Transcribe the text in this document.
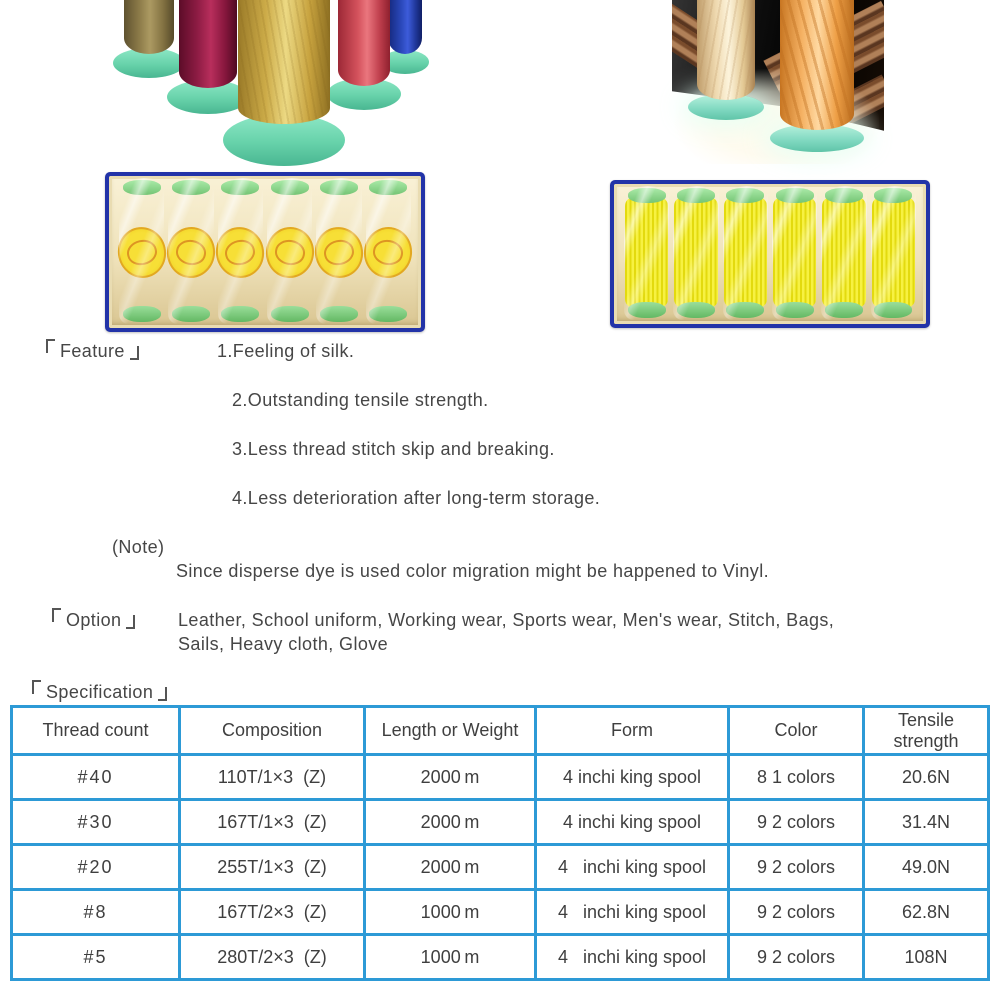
Feature	1.Feeling of silk.
2.Outstanding tensile strength.
3.Less thread stitch skip and breaking.
4.Less deterioration after long-term storage.
(Note)
Since disperse dye is used color migration might be happened to Vinyl.
Option	Leather, School uniform, Working wear, Sports wear, Men's wear, Stitch, Bags,
Sails, Heavy cloth, Glove
Specification
Thread count	Composition	Length or Weight	Form	Color	Tensile strength
#40	110T/1×3  (Z)	2000 m	4 inchi king spool	8 1 colors	20.6N
#30	167T/1×3  (Z)	2000 m	4 inchi king spool	9 2 colors	31.4N
#20	255T/1×3  (Z)	2000 m	4   inchi king spool	9 2 colors	49.0N
#8	167T/2×3  (Z)	1000 m	4   inchi king spool	9 2 colors	62.8N
#5	280T/2×3  (Z)	1000 m	4   inchi king spool	9 2 colors	108N
